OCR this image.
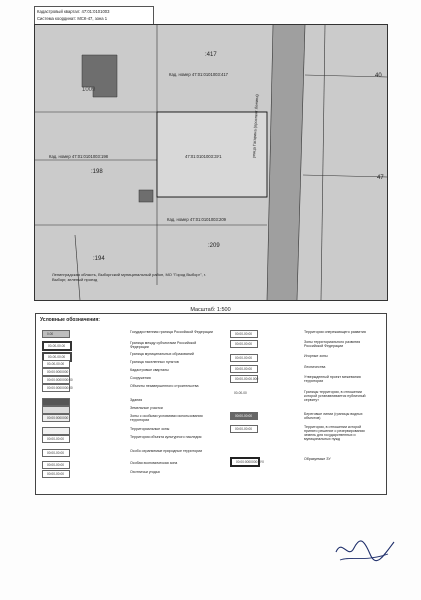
Кадастровый квартал: 47:01:0101003
Система координат: МСК-47, зона 1
:417
1009
:198
:194
:209
40
47
Кад. номер 47:01:0101003:417
Кад. номер 47:01:0101003:198	47:01:0101003:ЗУ1
Кад. номер 47:01:0101003:209
улица Гагарина (проспект Ленина)
Ленинградская область, Выборгский муниципальный район, МО "Город Выборг", г. Выборг, зеленый проезд
Масштаб: 1:500
Условные обозначения:
0.00	Государственная граница Российской Федерации
00-00-00.00
Граница между субъектами Российской Федерации
00-00-00.00
Граница муниципальных образований
00-00-00.00	Граница населенных пунктов
00:00:0000000	Кадастровые кварталы
00:00:0000000:00	Сооружения
00:00:0000000:00	Объекты незавершенного строительства
Здания
Земельные участки
00:00:0000000	Зоны с особыми условиями использования территории
Территориальные зоны
00:00-00:00	Территория объекта культурного наследия
00:00-00:00	Особо охраняемые природные территории
00:00-00:00	Особая экономическая зона
00:00-00:00	Охотничьи угодья
00:00-00:00	Территории опережающего развития
00:00-00:00	Зоны территориального развития Российской Федерации
00:00-00:00	Игорные зоны
00:00-00:00	Лесничества
00:00-00:00.000	Утвержденный проект межевания территории
00-00-00	Границы территории, в отношении которой устанавливается публичный сервитут
00:00-00:00	Береговые линии (границы водных объектов)
00:00-00:00	Территории, в отношении которой принято решение о резервировании земель для государственных и муниципальных нужд
00:00:0000000:ЗУ0
Образуемые ЗУ
